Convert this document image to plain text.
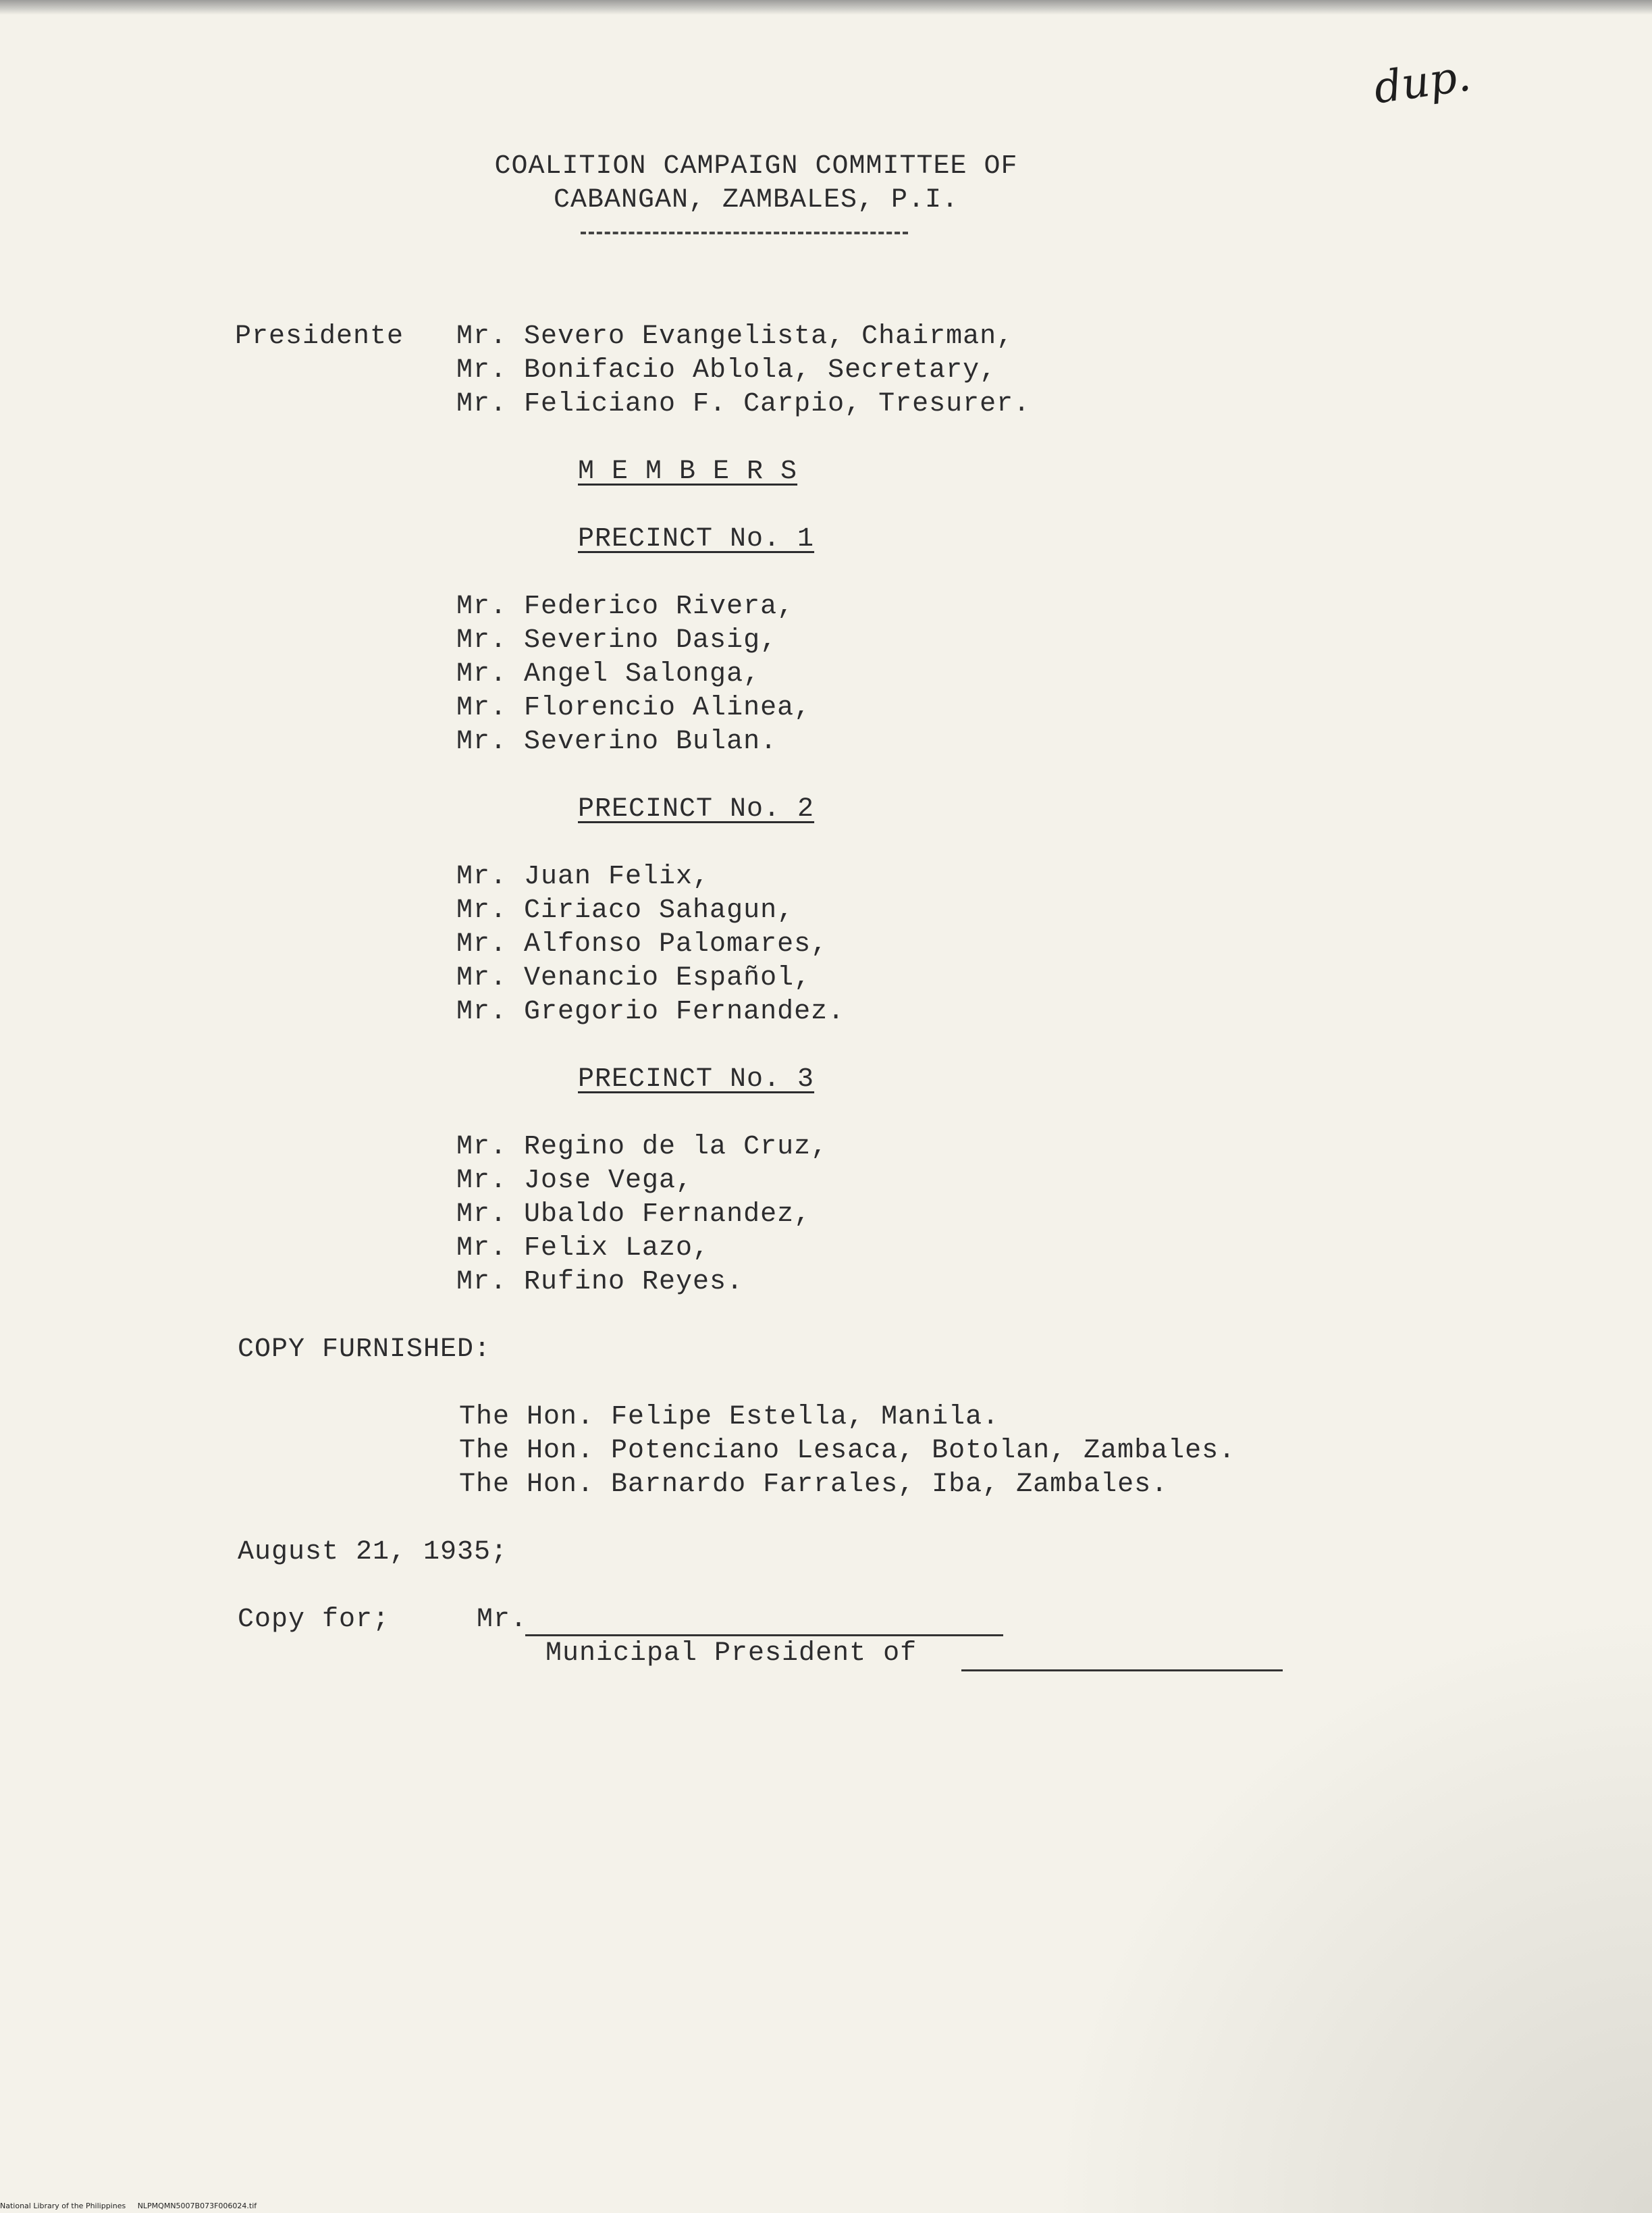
dup.
COALITION CAMPAIGN COMMITTEE OF
CABANGAN, ZAMBALES, P.I.
Presidente Mr. Severo Evangelista, Chairman,
Mr. Bonifacio Ablola, Secretary,
Mr. Feliciano F. Carpio, Tresurer.
M E M B E R S
PRECINCT No. 1
Mr. Federico Rivera,
Mr. Severino Dasig,
Mr. Angel Salonga,
Mr. Florencio Alinea,
Mr. Severino Bulan.
PRECINCT No. 2
Mr. Juan Felix,
Mr. Ciriaco Sahagun,
Mr. Alfonso Palomares,
Mr. Venancio Español,
Mr. Gregorio Fernandez.
PRECINCT No. 3
Mr. Regino de la Cruz,
Mr. Jose Vega,
Mr. Ubaldo Fernandez,
Mr. Felix Lazo,
Mr. Rufino Reyes.
COPY FURNISHED:
The Hon. Felipe Estella, Manila.
The Hon. Potenciano Lesaca, Botolan, Zambales.
The Hon. Barnardo Farrales, Iba, Zambales.
August 21, 1935;
Copy for;	Mr.
Municipal President of
National Library of the Philippines     NLPMQMN5007B073F006024.tif
